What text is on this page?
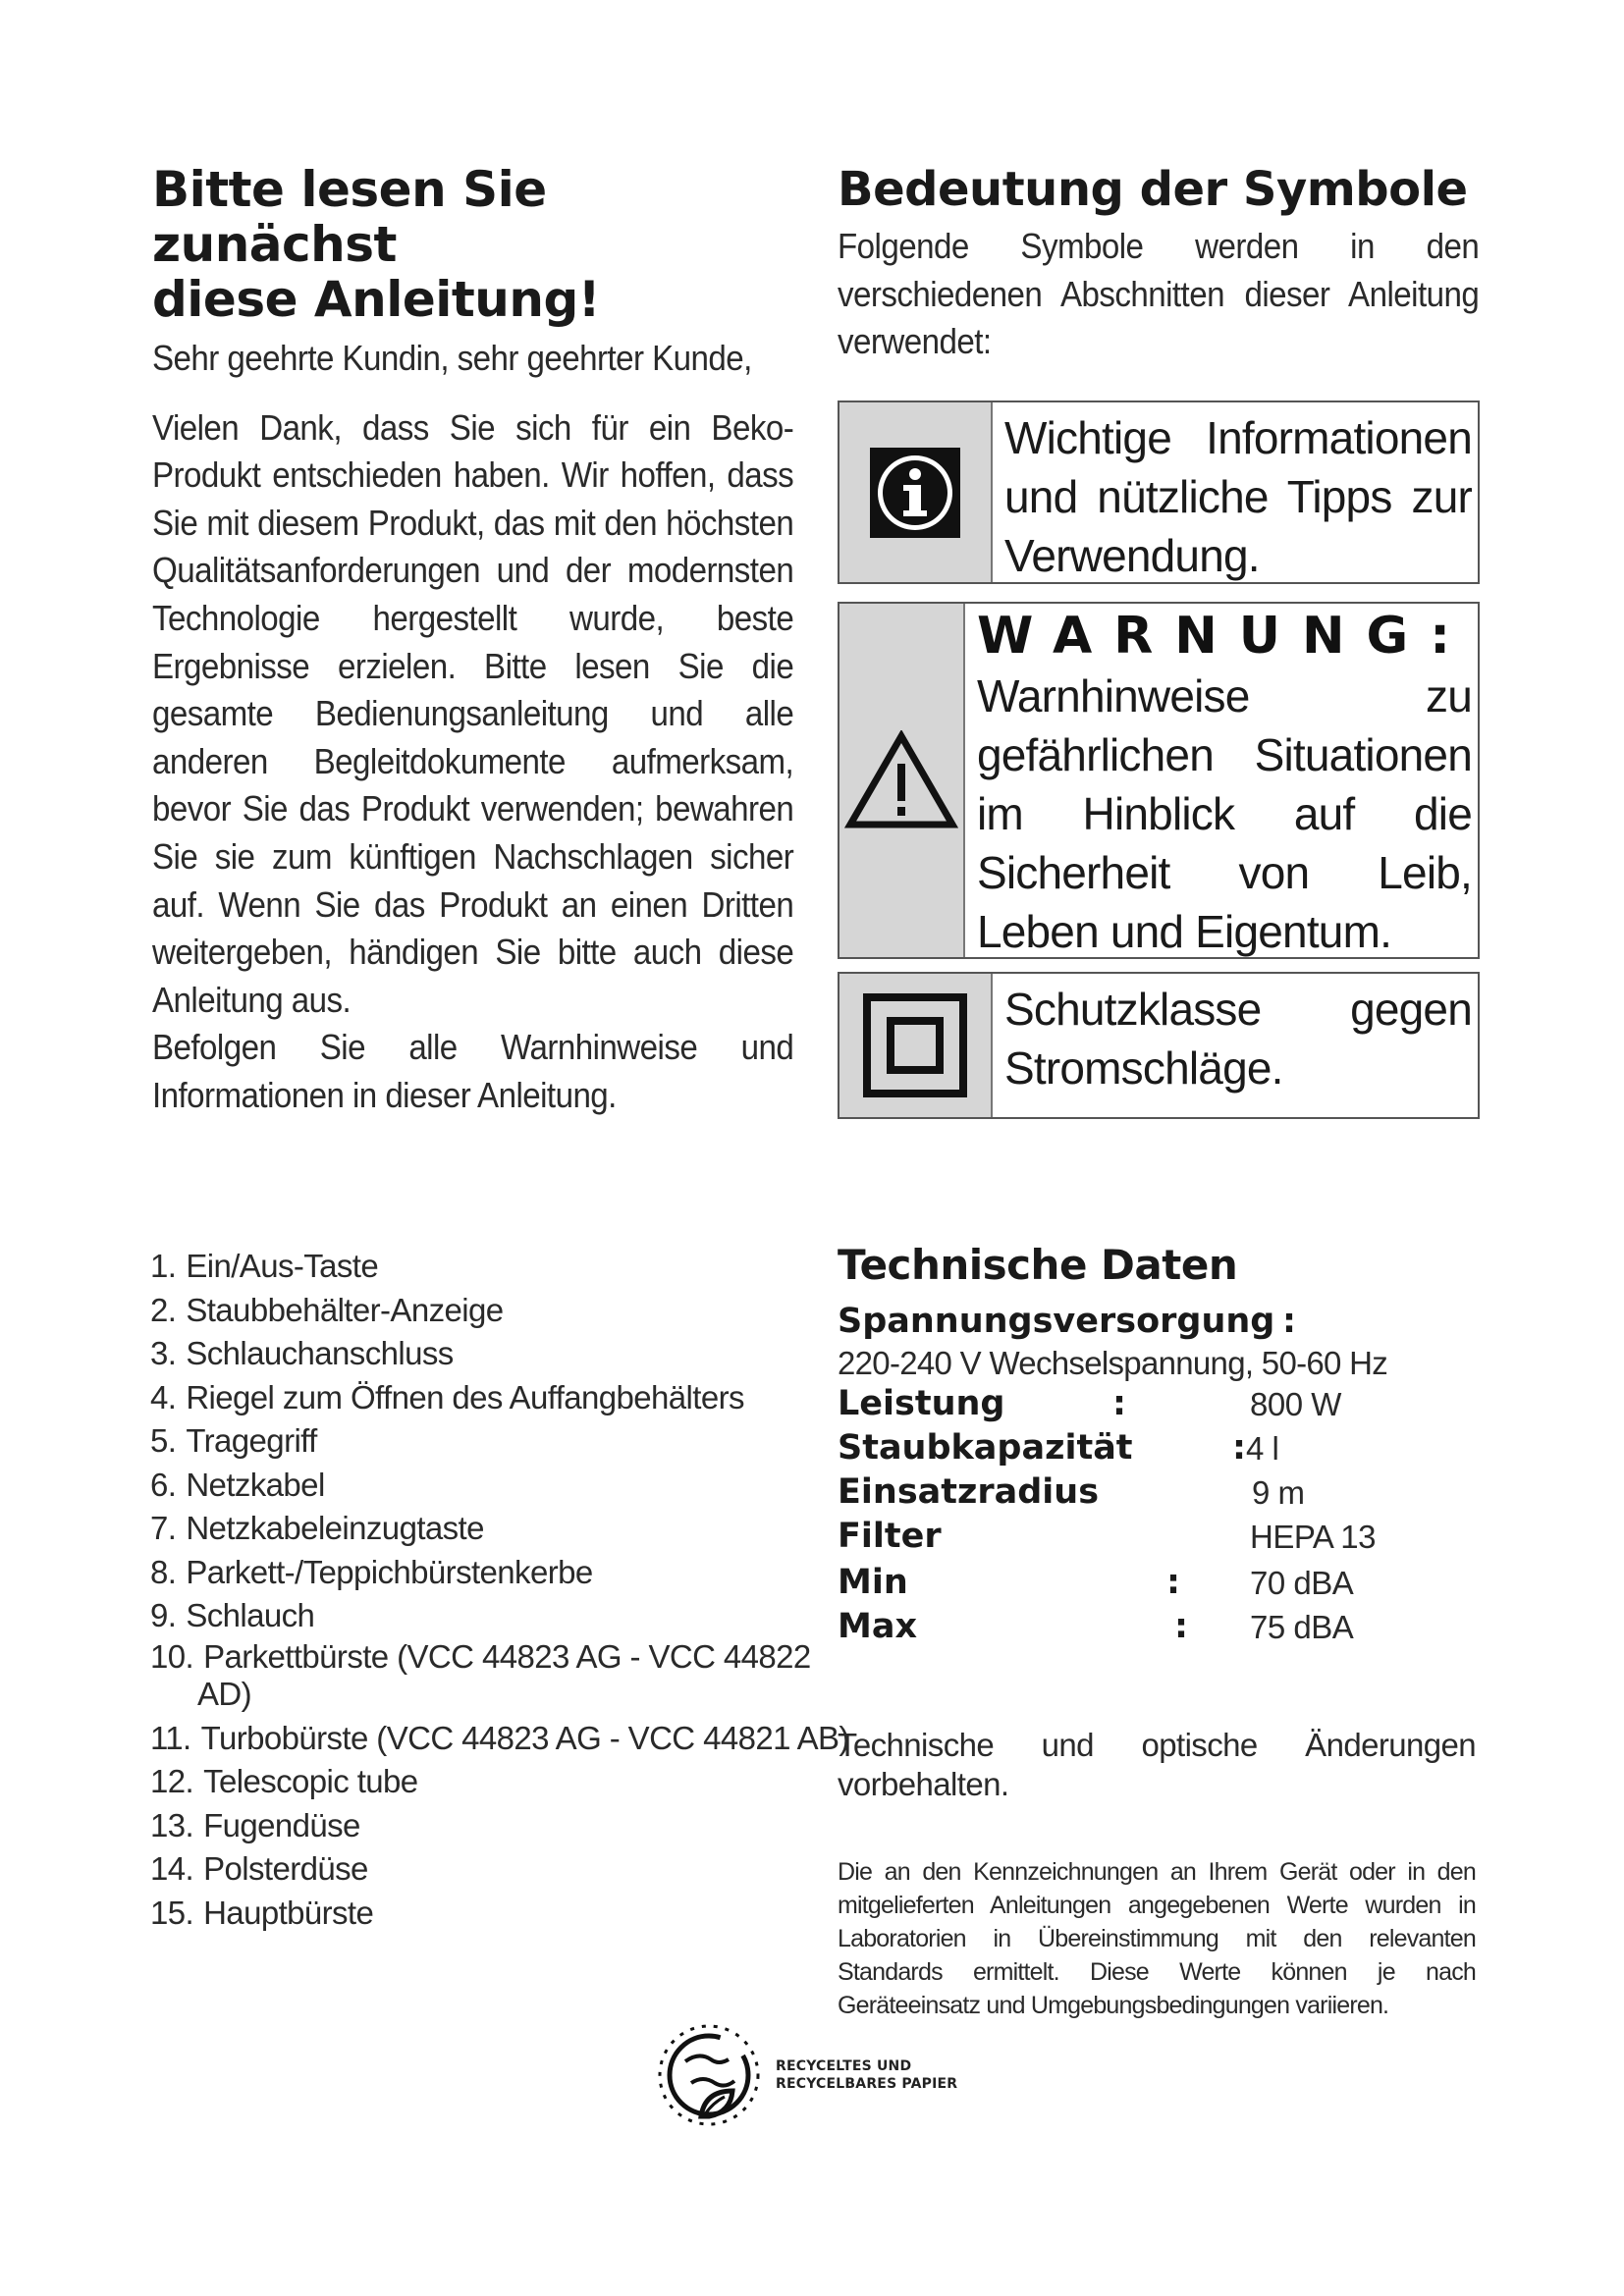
Bitte lesen Sie zunächst
diese Anleitung!

Sehr geehrte Kundin, sehr geehrter Kunde,

Vielen Dank, dass Sie sich für ein Beko-Produkt entschieden haben. Wir hoffen, dass Sie mit diesem Produkt, das mit den höchsten Qualitätsanforderungen und der modernsten Technologie hergestellt wurde, beste Ergebnisse erzielen. Bitte lesen Sie die gesamte Bedienungsanleitung und alle anderen Begleitdokumente aufmerksam, bevor Sie das Produkt verwenden; bewahren Sie sie zum künftigen Nachschlagen sicher auf. Wenn Sie das Produkt an einen Dritten weitergeben, händigen Sie bitte auch diese Anleitung aus.

Befolgen Sie alle Warnhinweise und Informationen in dieser Anleitung.

Bedeutung der Symbole

Folgende Symbole werden in den verschiedenen Abschnitten dieser Anleitung verwendet:

Wichtige Informationen und nützliche Tipps zur Verwendung.
WARNUNG:
Warnhinweise zu gefährlichen Situationen im Hinblick auf die Sicherheit von Leib, Leben und Eigentum.
Schutzklasse gegen Stromschläge.
1. Ein/Aus-Taste
2. Staubbehälter-Anzeige
3. Schlauchanschluss
4. Riegel zum Öffnen des Auffangbehälters
5. Tragegriff
6. Netzkabel
7. Netzkabeleinzugtaste
8. Parkett-/Teppichbürstenkerbe
9. Schlauch
10. Parkettbürste (VCC 44823 AG - VCC 44822
AD)
11. Turbobürste (VCC 44823 AG - VCC 44821 AB)
12. Telescopic tube
13. Fugendüse
14. Polsterdüse
15. Hauptbürste
Technische Daten
Spannungsversorgung :

220-240 V Wechselspannung, 50-60 Hz

Leistung	:	800 W
Staubkapazität	: 4 l
Einsatzradius	9 m
Filter	HEPA 13
Min	: 70 dBA
Max	: 75 dBA

Technische und optische Änderungen vorbehalten.

Die an den Kennzeichnungen an Ihrem Gerät oder in den mitgelieferten Anleitungen angegebenen Werte wurden in Laboratorien in Übereinstimmung mit den relevanten Standards ermittelt. Diese Werte können je nach Geräteeinsatz und Umgebungsbedingungen variieren.

RECYCELTES UND
RECYCELBARES PAPIER
